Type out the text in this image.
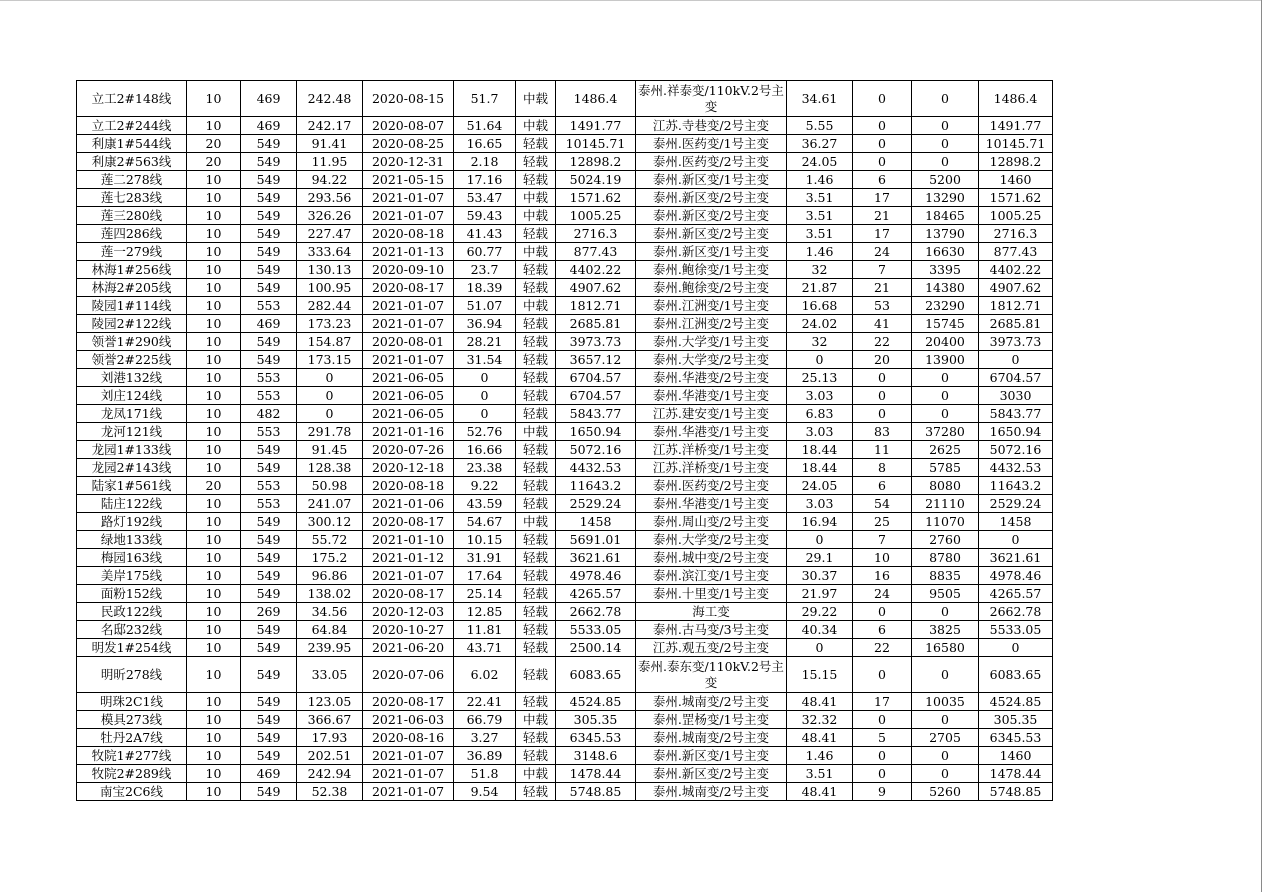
立工2#148线	10	469	242.48	2020-08-15	51.7	中载	1486.4	泰州.祥泰变/110kV.2号主变	34.61	0	0	1486.4
立工2#244线	10	469	242.17	2020-08-07	51.64	中载	1491.77	江苏.寺巷变/2号主变	5.55	0	0	1491.77
利康1#544线	20	549	91.41	2020-08-25	16.65	轻载	10145.71	泰州.医药变/1号主变	36.27	0	0	10145.71
利康2#563线	20	549	11.95	2020-12-31	2.18	轻载	12898.2	泰州.医药变/2号主变	24.05	0	0	12898.2
莲二278线	10	549	94.22	2021-05-15	17.16	轻载	5024.19	泰州.新区变/1号主变	1.46	6	5200	1460
莲七283线	10	549	293.56	2021-01-07	53.47	中载	1571.62	泰州.新区变/2号主变	3.51	17	13290	1571.62
莲三280线	10	549	326.26	2021-01-07	59.43	中载	1005.25	泰州.新区变/2号主变	3.51	21	18465	1005.25
莲四286线	10	549	227.47	2020-08-18	41.43	轻载	2716.3	泰州.新区变/2号主变	3.51	17	13790	2716.3
莲一279线	10	549	333.64	2021-01-13	60.77	中载	877.43	泰州.新区变/1号主变	1.46	24	16630	877.43
林海1#256线	10	549	130.13	2020-09-10	23.7	轻载	4402.22	泰州.鲍徐变/1号主变	32	7	3395	4402.22
林海2#205线	10	549	100.95	2020-08-17	18.39	轻载	4907.62	泰州.鲍徐变/2号主变	21.87	21	14380	4907.62
陵园1#114线	10	553	282.44	2021-01-07	51.07	中载	1812.71	泰州.江洲变/1号主变	16.68	53	23290	1812.71
陵园2#122线	10	469	173.23	2021-01-07	36.94	轻载	2685.81	泰州.江洲变/2号主变	24.02	41	15745	2685.81
领誉1#290线	10	549	154.87	2020-08-01	28.21	轻载	3973.73	泰州.大学变/1号主变	32	22	20400	3973.73
领誉2#225线	10	549	173.15	2021-01-07	31.54	轻载	3657.12	泰州.大学变/2号主变	0	20	13900	0
刘港132线	10	553	0	2021-06-05	0	轻载	6704.57	泰州.华港变/2号主变	25.13	0	0	6704.57
刘庄124线	10	553	0	2021-06-05	0	轻载	6704.57	泰州.华港变/1号主变	3.03	0	0	3030
龙凤171线	10	482	0	2021-06-05	0	轻载	5843.77	江苏.建安变/1号主变	6.83	0	0	5843.77
龙河121线	10	553	291.78	2021-01-16	52.76	中载	1650.94	泰州.华港变/1号主变	3.03	83	37280	1650.94
龙园1#133线	10	549	91.45	2020-07-26	16.66	轻载	5072.16	江苏.洋桥变/1号主变	18.44	11	2625	5072.16
龙园2#143线	10	549	128.38	2020-12-18	23.38	轻载	4432.53	江苏.洋桥变/1号主变	18.44	8	5785	4432.53
陆家1#561线	20	553	50.98	2020-08-18	9.22	轻载	11643.2	泰州.医药变/2号主变	24.05	6	8080	11643.2
陆庄122线	10	553	241.07	2021-01-06	43.59	轻载	2529.24	泰州.华港变/1号主变	3.03	54	21110	2529.24
路灯192线	10	549	300.12	2020-08-17	54.67	中载	1458	泰州.周山变/2号主变	16.94	25	11070	1458
绿地133线	10	549	55.72	2021-01-10	10.15	轻载	5691.01	泰州.大学变/2号主变	0	7	2760	0
梅园163线	10	549	175.2	2021-01-12	31.91	轻载	3621.61	泰州.城中变/2号主变	29.1	10	8780	3621.61
美岸175线	10	549	96.86	2021-01-07	17.64	轻载	4978.46	泰州.滨江变/1号主变	30.37	16	8835	4978.46
面粉152线	10	549	138.02	2020-08-17	25.14	轻载	4265.57	泰州.十里变/1号主变	21.97	24	9505	4265.57
民政122线	10	269	34.56	2020-12-03	12.85	轻载	2662.78	海工变	29.22	0	0	2662.78
名邸232线	10	549	64.84	2020-10-27	11.81	轻载	5533.05	泰州.古马变/3号主变	40.34	6	3825	5533.05
明发1#254线	10	549	239.95	2021-06-20	43.71	轻载	2500.14	江苏.观五变/2号主变	0	22	16580	0
明昕278线	10	549	33.05	2020-07-06	6.02	轻载	6083.65	泰州.泰东变/110kV.2号主变	15.15	0	0	6083.65
明珠2C1线	10	549	123.05	2020-08-17	22.41	轻载	4524.85	泰州.城南变/2号主变	48.41	17	10035	4524.85
模具273线	10	549	366.67	2021-06-03	66.79	中载	305.35	泰州.罡杨变/1号主变	32.32	0	0	305.35
牡丹2A7线	10	549	17.93	2020-08-16	3.27	轻载	6345.53	泰州.城南变/2号主变	48.41	5	2705	6345.53
牧院1#277线	10	549	202.51	2021-01-07	36.89	轻载	3148.6	泰州.新区变/1号主变	1.46	0	0	1460
牧院2#289线	10	469	242.94	2021-01-07	51.8	中载	1478.44	泰州.新区变/2号主变	3.51	0	0	1478.44
南宝2C6线	10	549	52.38	2021-01-07	9.54	轻载	5748.85	泰州.城南变/2号主变	48.41	9	5260	5748.85
